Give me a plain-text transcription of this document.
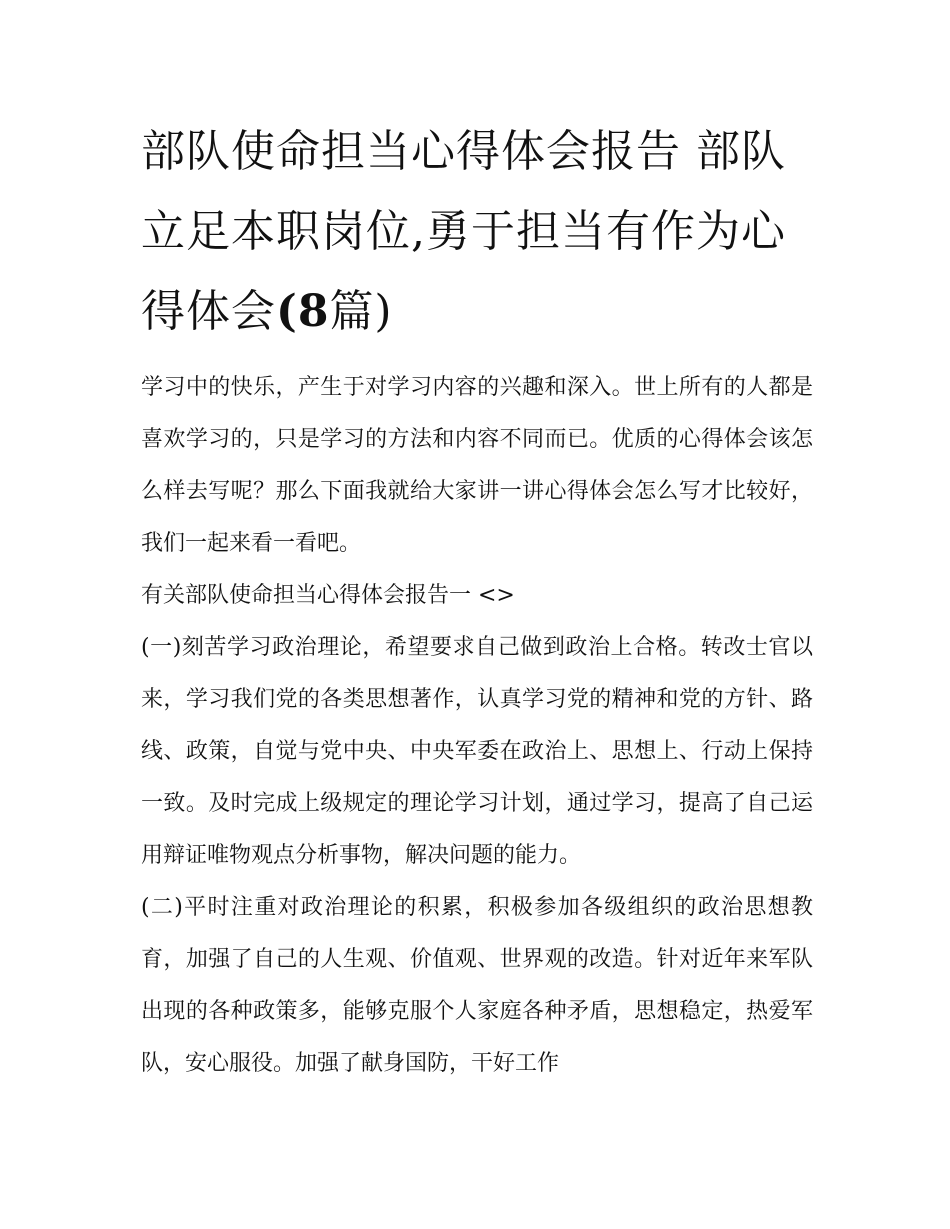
部队使命担当心得体会报告 部队立足本职岗位,勇于担当有作为心得体会(8篇)

学习中的快乐，产生于对学习内容的兴趣和深入。世上所有的人都是喜欢学习的，只是学习的方法和内容不同而已。优质的心得体会该怎么样去写呢？那么下面我就给大家讲一讲心得体会怎么写才比较好，我们一起来看一看吧。

有关部队使命担当心得体会报告一 <>

(一)刻苦学习政治理论，希望要求自己做到政治上合格。转改士官以来，学习我们党的各类思想著作，认真学习党的精神和党的方针、路线、政策，自觉与党中央、中央军委在政治上、思想上、行动上保持一致。及时完成上级规定的理论学习计划，通过学习，提高了自己运用辩证唯物观点分析事物，解决问题的能力。

(二)平时注重对政治理论的积累，积极参加各级组织的政治思想教育，加强了自己的人生观、价值观、世界观的改造。针对近年来军队出现的各种政策多，能够克服个人家庭各种矛盾，思想稳定，热爱军队，安心服役。加强了献身国防，干好工作
